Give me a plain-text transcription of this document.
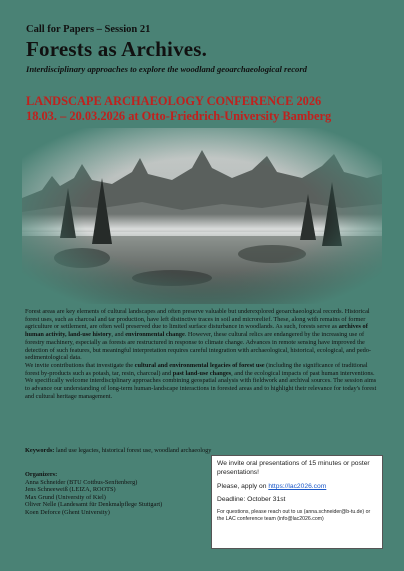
Call for Papers – Session 21
Forests as Archives.
Interdisciplinary approaches to explore the woodland geoarchaeological record
LANDSCAPE ARCHAEOLOGY CONFERENCE 2026
18.03. – 20.03.2026 at Otto-Friedrich-University Bamberg

Forest areas are key elements of cultural landscapes and often preserve valuable but underexplored geoarchaeological records. Historical forest uses, such as charcoal and tar production, have left distinctive traces in soil and microrelief. These, along with remains of former agriculture or settlement, are often well preserved due to limited surface disturbance in woodlands. As such, forests serve as archives of human activity, land-use history, and environmental change. However, these cultural relics are endangered by the increasing use of forestry machinery, especially as forests are restructured in response to climate change. Advances in remote sensing have improved the detection of such features, but meaningful interpretation requires careful integration with archaeological, historical, ecological, and pedo-sedimentological data.
We invite contributions that investigate the cultural and environmental legacies of forest use (including the significance of traditional forest by-products such as potash, tar, resin, charcoal) and past land-use changes, and the ecological impacts of past human interventions. We specifically welcome interdisciplinary approaches combining geospatial analysis with fieldwork and archival sources. The session aims to advance our understanding of long-term human-landscape interactions in forested areas and to highlight their relevance for today's forest and cultural heritage management.

Keywords: land use legacies, historical forest use, woodland archaeology
Organizers:
Anna Schneider (BTU Cottbus-Senftenberg)
Jens Schneeweiß (LEIZA, ROOTS)
Max Grund (University of Kiel)
Oliver Nelle (Landesamt für Denkmalpflege Stuttgart)
Koen Deforce (Ghent University)
We invite oral presentations of 15 minutes or poster presentations!
Please, apply on https://lac2026.com
Deadline: October 31st
For questions, please reach out to us (anna.schneider@b-tu.de) or the LAC conference team (info@lac2026.com)
